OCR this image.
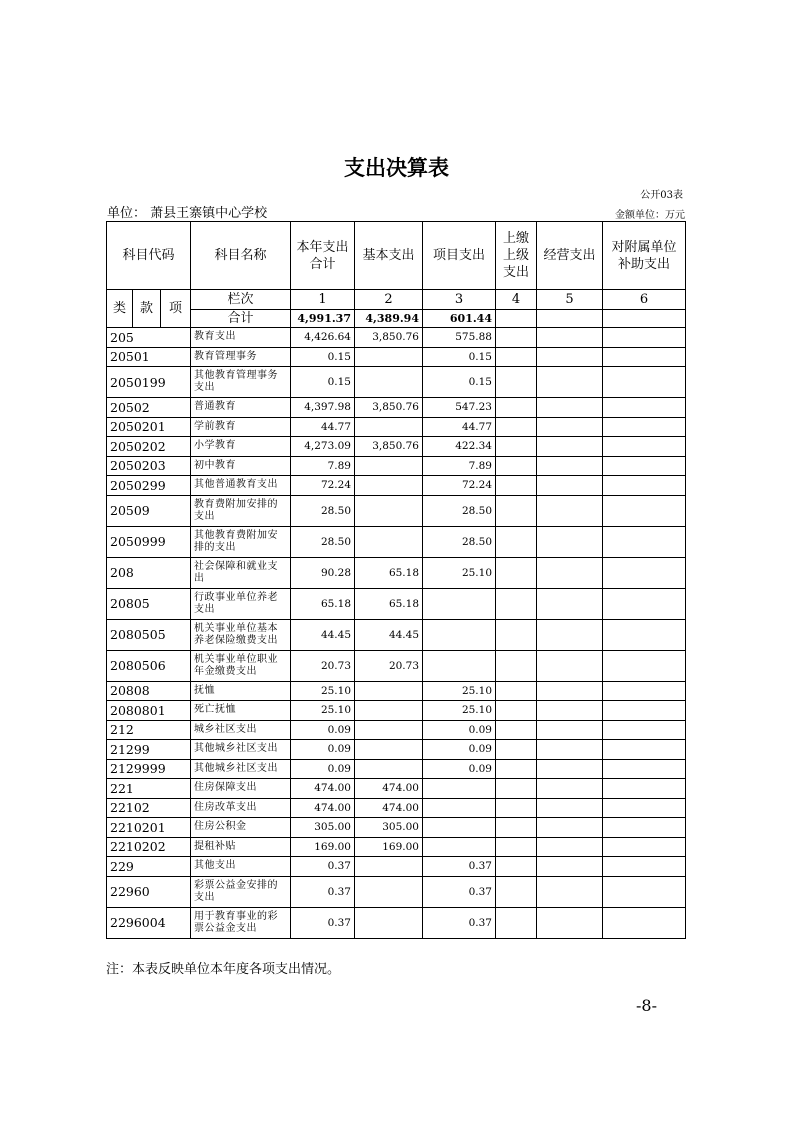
支出决算表
公开03表
单位： 萧县王寨镇中心学校	金额单位：万元
科目代码			科目名称	本年支出合计	基本支出	项目支出	上缴上级支出	经营支出	对附属单位补助支出
类	款	项	栏次	1	2	3	4	5	6
			合计	4,991.37	4,389.94	601.44			
205			教育支出	4,426.64	3,850.76	575.88			
20501			教育管理事务	0.15		0.15			
2050199			其他教育管理事务支出	0.15		0.15			
20502			普通教育	4,397.98	3,850.76	547.23			
2050201			学前教育	44.77		44.77			
2050202			小学教育	4,273.09	3,850.76	422.34			
2050203			初中教育	7.89		7.89			
2050299			其他普通教育支出	72.24		72.24			
20509			教育费附加安排的支出	28.50		28.50			
2050999			其他教育费附加安排的支出	28.50		28.50			
208			社会保障和就业支出	90.28	65.18	25.10			
20805			行政事业单位养老支出	65.18	65.18				
2080505			机关事业单位基本养老保险缴费支出	44.45	44.45				
2080506			机关事业单位职业年金缴费支出	20.73	20.73				
20808			抚恤	25.10		25.10			
2080801			死亡抚恤	25.10		25.10			
212			城乡社区支出	0.09		0.09			
21299			其他城乡社区支出	0.09		0.09			
2129999			其他城乡社区支出	0.09		0.09			
221			住房保障支出	474.00	474.00				
22102			住房改革支出	474.00	474.00				
2210201			住房公积金	305.00	305.00				
2210202			提租补贴	169.00	169.00				
229			其他支出	0.37		0.37			
22960			彩票公益金安排的支出	0.37		0.37			
2296004			用于教育事业的彩票公益金支出	0.37		0.37			
注：本表反映单位本年度各项支出情况。
-8-
